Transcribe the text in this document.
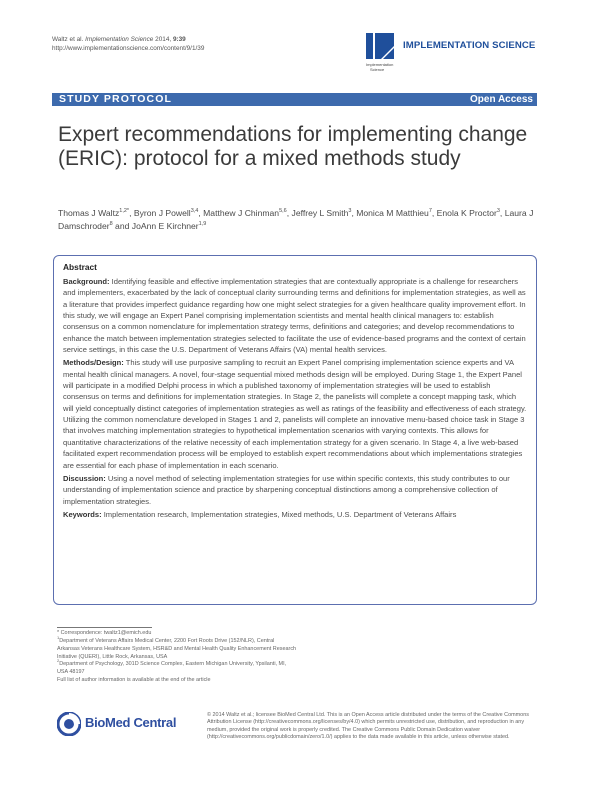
Waltz et al. Implementation Science 2014, 9:39
http://www.implementationscience.com/content/9/1/39	IMPLEMENTATION SCIENCE
Implementation
Science
STUDY PROTOCOL	Open Access
Expert recommendations for implementing change (ERIC): protocol for a mixed methods study
Thomas J Waltz$^{1,2*}$, Byron J Powell$^{3,4}$, Matthew J Chinman$^{5,6}$, Jeffrey L Smith$^3$, Monica M Matthieu$^7$, Enola K Proctor$^3$, Laura J Damschroder$^8$ and JoAnn E Kirchner$^{1,9}$
Abstract

Background: Identifying feasible and effective implementation strategies that are contextually appropriate is a challenge for researchers and implementers, exacerbated by the lack of conceptual clarity surrounding terms and definitions for implementation strategies, as well as a literature that provides imperfect guidance regarding how one might select strategies for a given healthcare quality improvement effort. In this study, we will engage an Expert Panel comprising implementation scientists and mental health clinical managers to: establish consensus on a common nomenclature for implementation strategy terms, definitions and categories; and develop recommendations to enhance the match between implementation strategies selected to facilitate the use of evidence-based programs and the context of certain service settings, in this case the U.S. Department of Veterans Affairs (VA) mental health services.

Methods/Design: This study will use purposive sampling to recruit an Expert Panel comprising implementation science experts and VA mental health clinical managers. A novel, four-stage sequential mixed methods design will be employed. During Stage 1, the Expert Panel will participate in a modified Delphi process in which a published taxonomy of implementation strategies will be used to establish consensus on terms and definitions for implementation strategies. In Stage 2, the panelists will complete a concept mapping task, which will yield conceptually distinct categories of implementation strategies as well as ratings of the feasibility and effectiveness of each strategy. Utilizing the common nomenclature developed in Stages 1 and 2, panelists will complete an innovative menu-based choice task in Stage 3 that involves matching implementation strategies to hypothetical implementation scenarios with varying contexts. This allows for quantitative characterizations of the relative necessity of each implementation strategy for a given scenario. In Stage 4, a live web-based facilitated expert recommendation process will be employed to establish expert recommendations about which implementations strategies are essential for each phase of implementation in each scenario.

Discussion: Using a novel method of selecting implementation strategies for use within specific contexts, this study contributes to our understanding of implementation science and practice by sharpening conceptual distinctions among a comprehensive collection of implementation strategies.

Keywords: Implementation research, Implementation strategies, Mixed methods, U.S. Department of Veterans Affairs

* Correspondence: twaltz1@emich.edu

$^1$Department of Veterans Affairs Medical Center, 2200 Fort Roots Drive (152/NLR), Central Arkansas Veterans Healthcare System, HSR&D and Mental Health Quality Enhancement Research Initiative (QUERI), Little Rock, Arkansas, USA

$^2$Department of Psychology, 301D Science Complex, Eastern Michigan University, Ypsilanti, MI, USA 48197

Full list of author information is available at the end of the article

BioMed Central	© 2014 Waltz et al.; licensee BioMed Central Ltd. This is an Open Access article distributed under the terms of the Creative Commons Attribution License (http://creativecommons.org/licenses/by/4.0) which permits unrestricted use, distribution, and reproduction in any medium, provided the original work is properly credited. The Creative Commons Public Domain Dedication waiver (http://creativecommons.org/publicdomain/zero/1.0/) applies to the data made available in this article, unless otherwise stated.
